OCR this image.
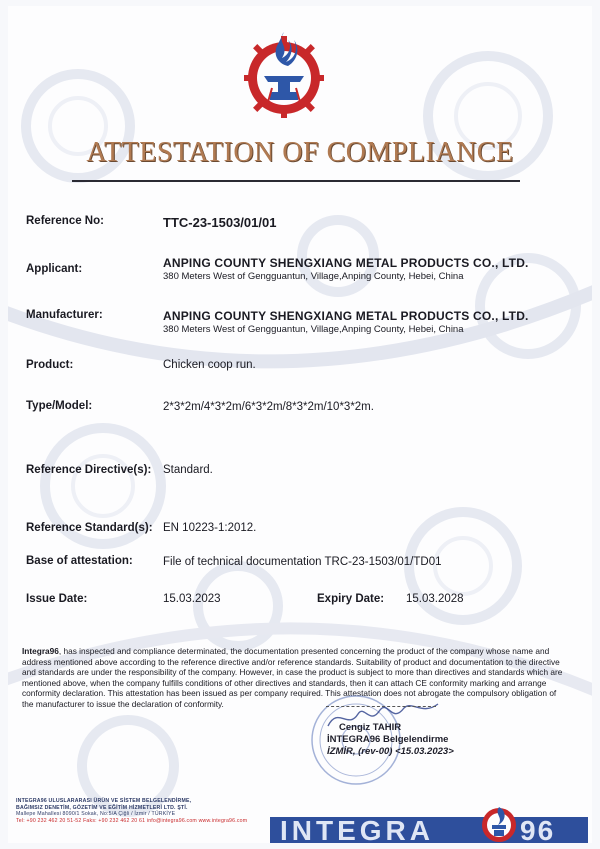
ATTESTATION OF COMPLIANCE
Reference No:	TTC-23-1503/01/01
Applicant:	ANPING COUNTY SHENGXIANG METAL PRODUCTS CO., LTD.
380 Meters West of Gengguantun, Village,Anping County, Hebei, China
Manufacturer:	ANPING COUNTY SHENGXIANG METAL PRODUCTS CO., LTD.
380 Meters West of Gengguantun, Village,Anping County, Hebei, China
Product:	Chicken coop run.
Type/Model:	2*3*2m/4*3*2m/6*3*2m/8*3*2m/10*3*2m.
Reference Directive(s): Standard.
Reference Standard(s): EN 10223-1:2012.
Base of attestation:	File of technical documentation TRC-23-1503/01/TD01
Issue Date:	15.03.2023	Expiry Date: 15.03.2028
Integra96, has inspected and compliance determinated, the documentation presented concerning the product of the company whose name and address mentioned above according to the reference directive and/or reference standards. Suitability of product and documentation to the directive and standards are under the responsibility of the company. However, in case the product is subject to more than directives and standards which are mentioned above, when the company fulfills conditions of other directives and standards, then it can attach CE conformity marking and arrange conformity declaration. This attestation has been issued as per company required. This attestation does not abrogate the compulsory obligation of the manufacturer to issue the declaration of conformity.
Cengiz TAHIR
İNTEGRA96 Belgelendirme
İZMİR, (rev-00) <15.03.2023>
INTEGRA96 ULUSLARARASI ÜRÜN VE SİSTEM BELGELENDİRME,
BAĞIMSIZ DENETİM, GÖZETİM VE EĞİTİM HİZMETLERİ LTD. ŞTİ.
Mallepe Mahallesi 8090/1 Sokak, No:5/A Çiğli / İzmir / TÜRKİYE
Tel: +90 232 462 20 51-52 Faks: +90 232 462 20 61 info@integra96.com www.integra96.com	INTEGRA	96
